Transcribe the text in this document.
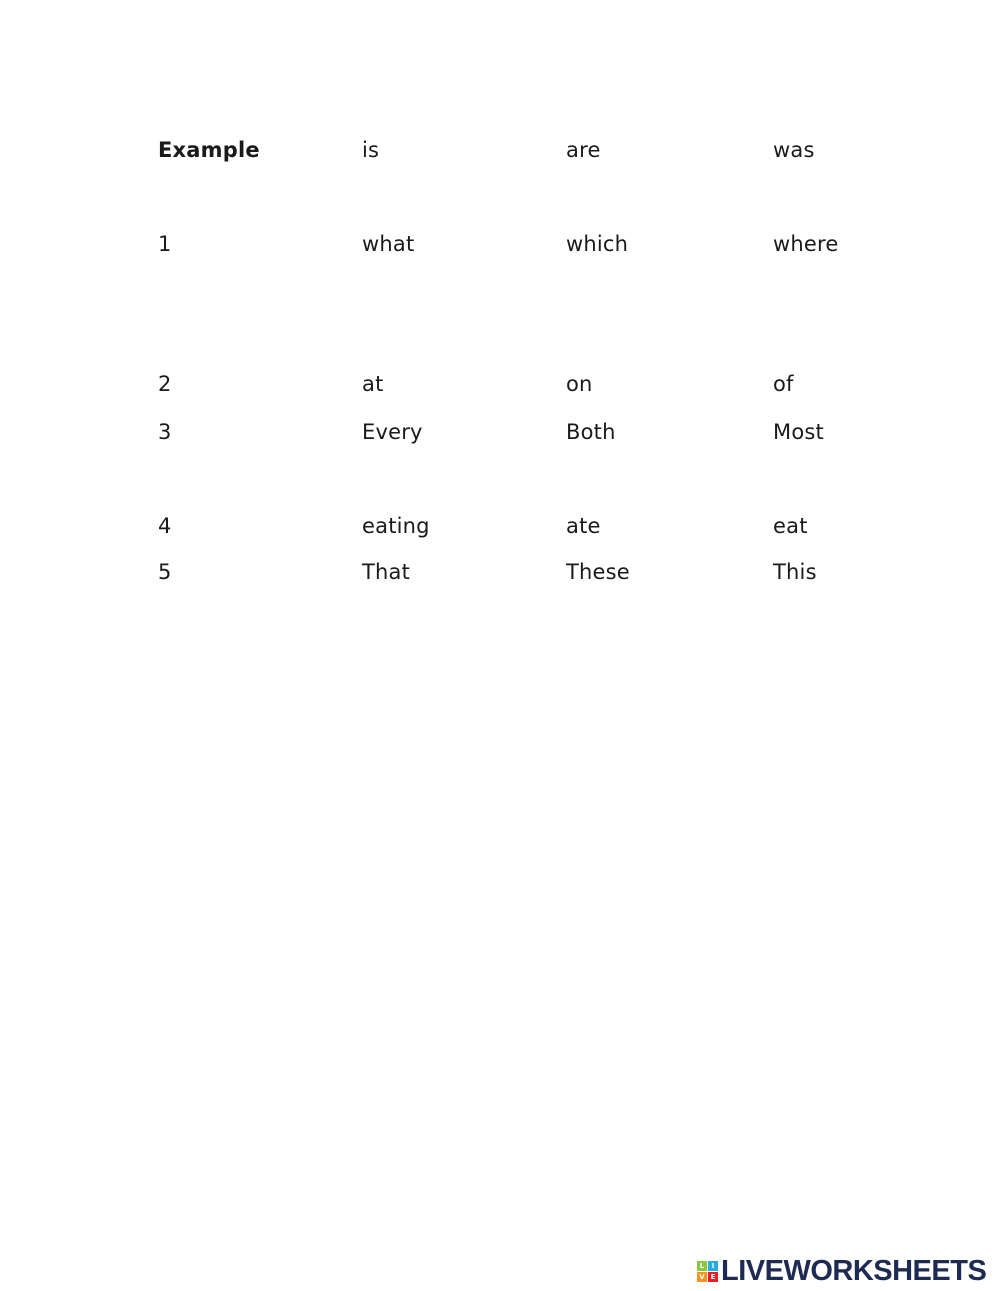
Example	is	are	was
1	what	which	where
2	at	on	of
3	Every	Both	Most
4	eating	ate	eat
5	That	These	This
L	I
V E LIVEWORKSHEETS
